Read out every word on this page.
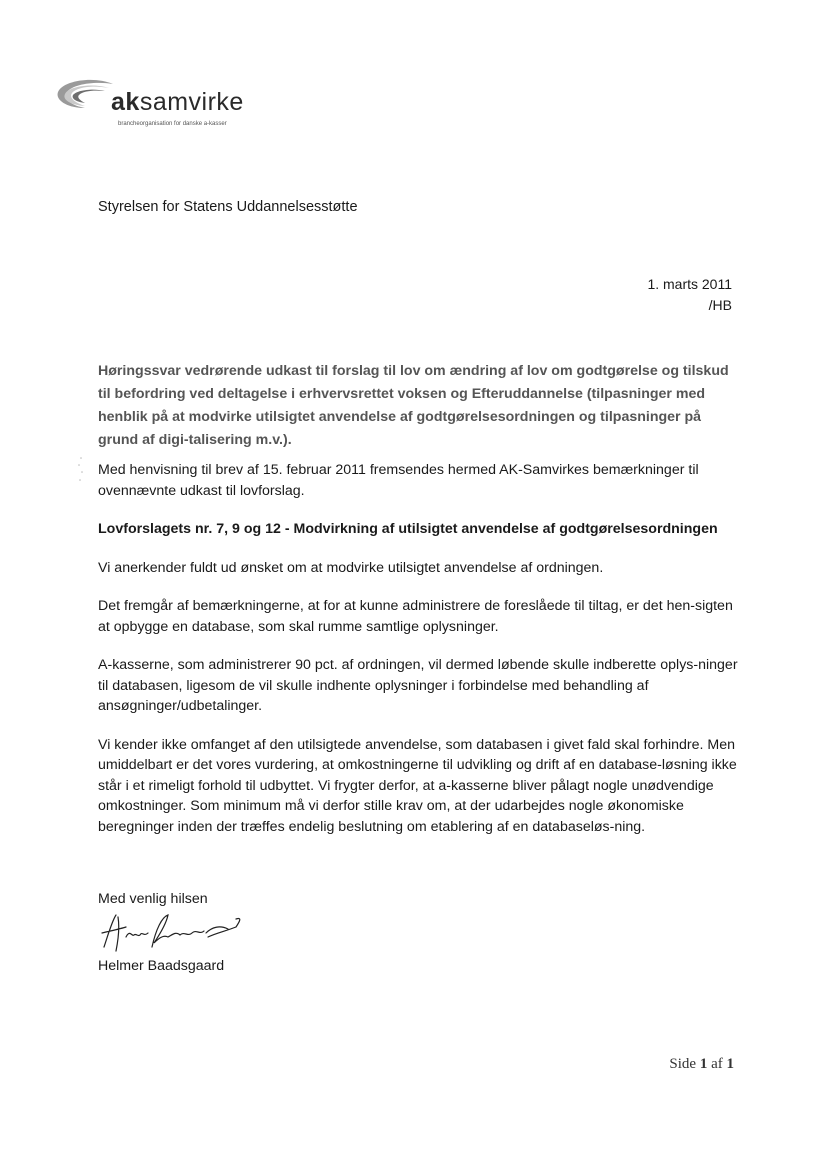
aksamvirke
brancheorganisation for danske a-kasser
Styrelsen for Statens Uddannelsesstøtte
1. marts 2011
/HB

Høringssvar vedrørende udkast til forslag til lov om ændring af lov om godtgørelse og tilskud til befordring ved deltagelse i erhvervsrettet voksen og Efteruddannelse (tilpasninger med henblik på at modvirke utilsigtet anvendelse af godtgørelsesordningen og tilpasninger på grund af digi-talisering m.v.).

Med henvisning til brev af 15. februar 2011 fremsendes hermed AK-Samvirkes bemærkninger til ovennævnte udkast til lovforslag.

Lovforslagets nr. 7, 9 og 12 - Modvirkning af utilsigtet anvendelse af godtgørelsesordningen

Vi anerkender fuldt ud ønsket om at modvirke utilsigtet anvendelse af ordningen.

Det fremgår af bemærkningerne, at for at kunne administrere de foreslåede til tiltag, er det hen-sigten at opbygge en database, som skal rumme samtlige oplysninger.

A-kasserne, som administrerer 90 pct. af ordningen, vil dermed løbende skulle indberette oplys-ninger til databasen, ligesom de vil skulle indhente oplysninger i forbindelse med behandling af ansøgninger/udbetalinger.

Vi kender ikke omfanget af den utilsigtede anvendelse, som databasen i givet fald skal forhindre. Men umiddelbart er det vores vurdering, at omkostningerne til udvikling og drift af en database-løsning ikke står i et rimeligt forhold til udbyttet. Vi frygter derfor, at a-kasserne bliver pålagt nogle unødvendige omkostninger. Som minimum må vi derfor stille krav om, at der udarbejdes nogle økonomiske beregninger inden der træffes endelig beslutning om etablering af en databaseløs-ning.

Med venlig hilsen
Helmer Baadsgaard
Side 1 af 1
